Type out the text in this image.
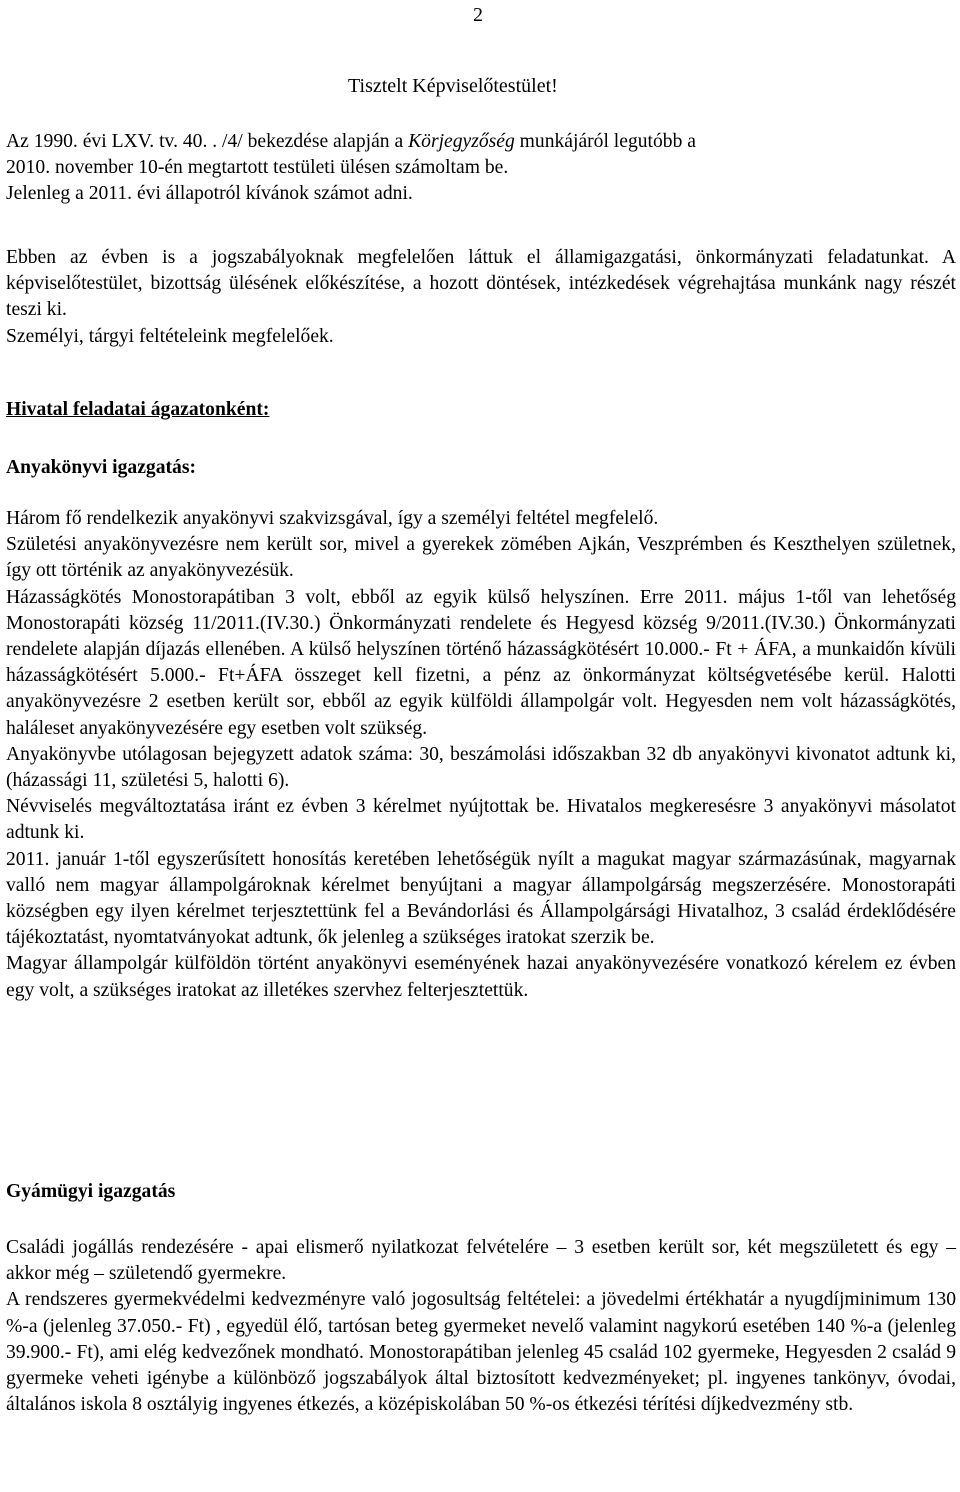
2
Tisztelt Képviselőtestület!

Az 1990. évi LXV. tv. 40. . /4/ bekezdése alapján a Körjegyzőség munkájáról legutóbb a

2010. november 10-én megtartott testületi ülésen számoltam be.

Jelenleg a 2011. évi állapotról kívánok számot adni.

Ebben az évben is a jogszabályoknak megfelelően láttuk el államigazgatási, önkormányzati feladatunkat. A képviselőtestület, bizottság ülésének előkészítése, a hozott döntések, intézkedések végrehajtása munkánk nagy részét teszi ki.

Személyi, tárgyi feltételeink megfelelőek.

Hivatal feladatai ágazatonként:
Anyakönyvi igazgatás:

Három fő rendelkezik anyakönyvi szakvizsgával, így a személyi feltétel megfelelő.

Születési anyakönyvezésre nem került sor, mivel a gyerekek zömében Ajkán, Veszprémben és Keszthelyen születnek, így ott történik az anyakönyvezésük.

Házasságkötés Monostorapátiban 3 volt, ebből az egyik külső helyszínen. Erre 2011. május 1-től van lehetőség Monostorapáti község 11/2011.(IV.30.) Önkormányzati rendelete és Hegyesd község 9/2011.(IV.30.) Önkormányzati rendelete alapján díjazás ellenében. A külső helyszínen történő házasságkötésért 10.000.- Ft + ÁFA, a munkaidőn kívüli házasságkötésért 5.000.- Ft+ÁFA összeget kell fizetni, a pénz az önkormányzat költségvetésébe kerül. Halotti anyakönyvezésre 2 esetben került sor, ebből az egyik külföldi állampolgár volt. Hegyesden nem volt házasságkötés, haláleset anyakönyvezésére egy esetben volt szükség.

Anyakönyvbe utólagosan bejegyzett adatok száma: 30, beszámolási időszakban 32 db anyakönyvi kivonatot adtunk ki, (házassági 11, születési 5, halotti 6).

Névviselés megváltoztatása iránt ez évben 3 kérelmet nyújtottak be. Hivatalos megkeresésre 3 anyakönyvi másolatot adtunk ki.

2011. január 1-től egyszerűsített honosítás keretében lehetőségük nyílt a magukat magyar származásúnak, magyarnak valló nem magyar állampolgároknak kérelmet benyújtani a magyar állampolgárság megszerzésére. Monostorapáti községben egy ilyen kérelmet terjesztettünk fel a Bevándorlási és Állampolgársági Hivatalhoz, 3 család érdeklődésére tájékoztatást, nyomtatványokat adtunk, ők jelenleg a szükséges iratokat szerzik be.

Magyar állampolgár külföldön történt anyakönyvi eseményének hazai anyakönyvezésére vonatkozó kérelem ez évben egy volt, a szükséges iratokat az illetékes szervhez felterjesztettük.

Gyámügyi igazgatás

Családi jogállás rendezésére - apai elismerő nyilatkozat felvételére – 3 esetben került sor, két megszületett és egy – akkor még – születendő gyermekre.

A rendszeres gyermekvédelmi kedvezményre való jogosultság feltételei: a jövedelmi értékhatár a nyugdíjminimum 130 %-a (jelenleg 37.050.- Ft) , egyedül élő, tartósan beteg gyermeket nevelő valamint nagykorú esetében 140 %-a (jelenleg 39.900.- Ft), ami elég kedvezőnek mondható. Monostorapátiban jelenleg 45 család 102 gyermeke, Hegyesden 2 család 9 gyermeke veheti igénybe a különböző jogszabályok által biztosított kedvezményeket; pl. ingyenes tankönyv, óvodai, általános iskola 8 osztályig ingyenes étkezés, a középiskolában 50 %-os étkezési térítési díjkedvezmény stb.
